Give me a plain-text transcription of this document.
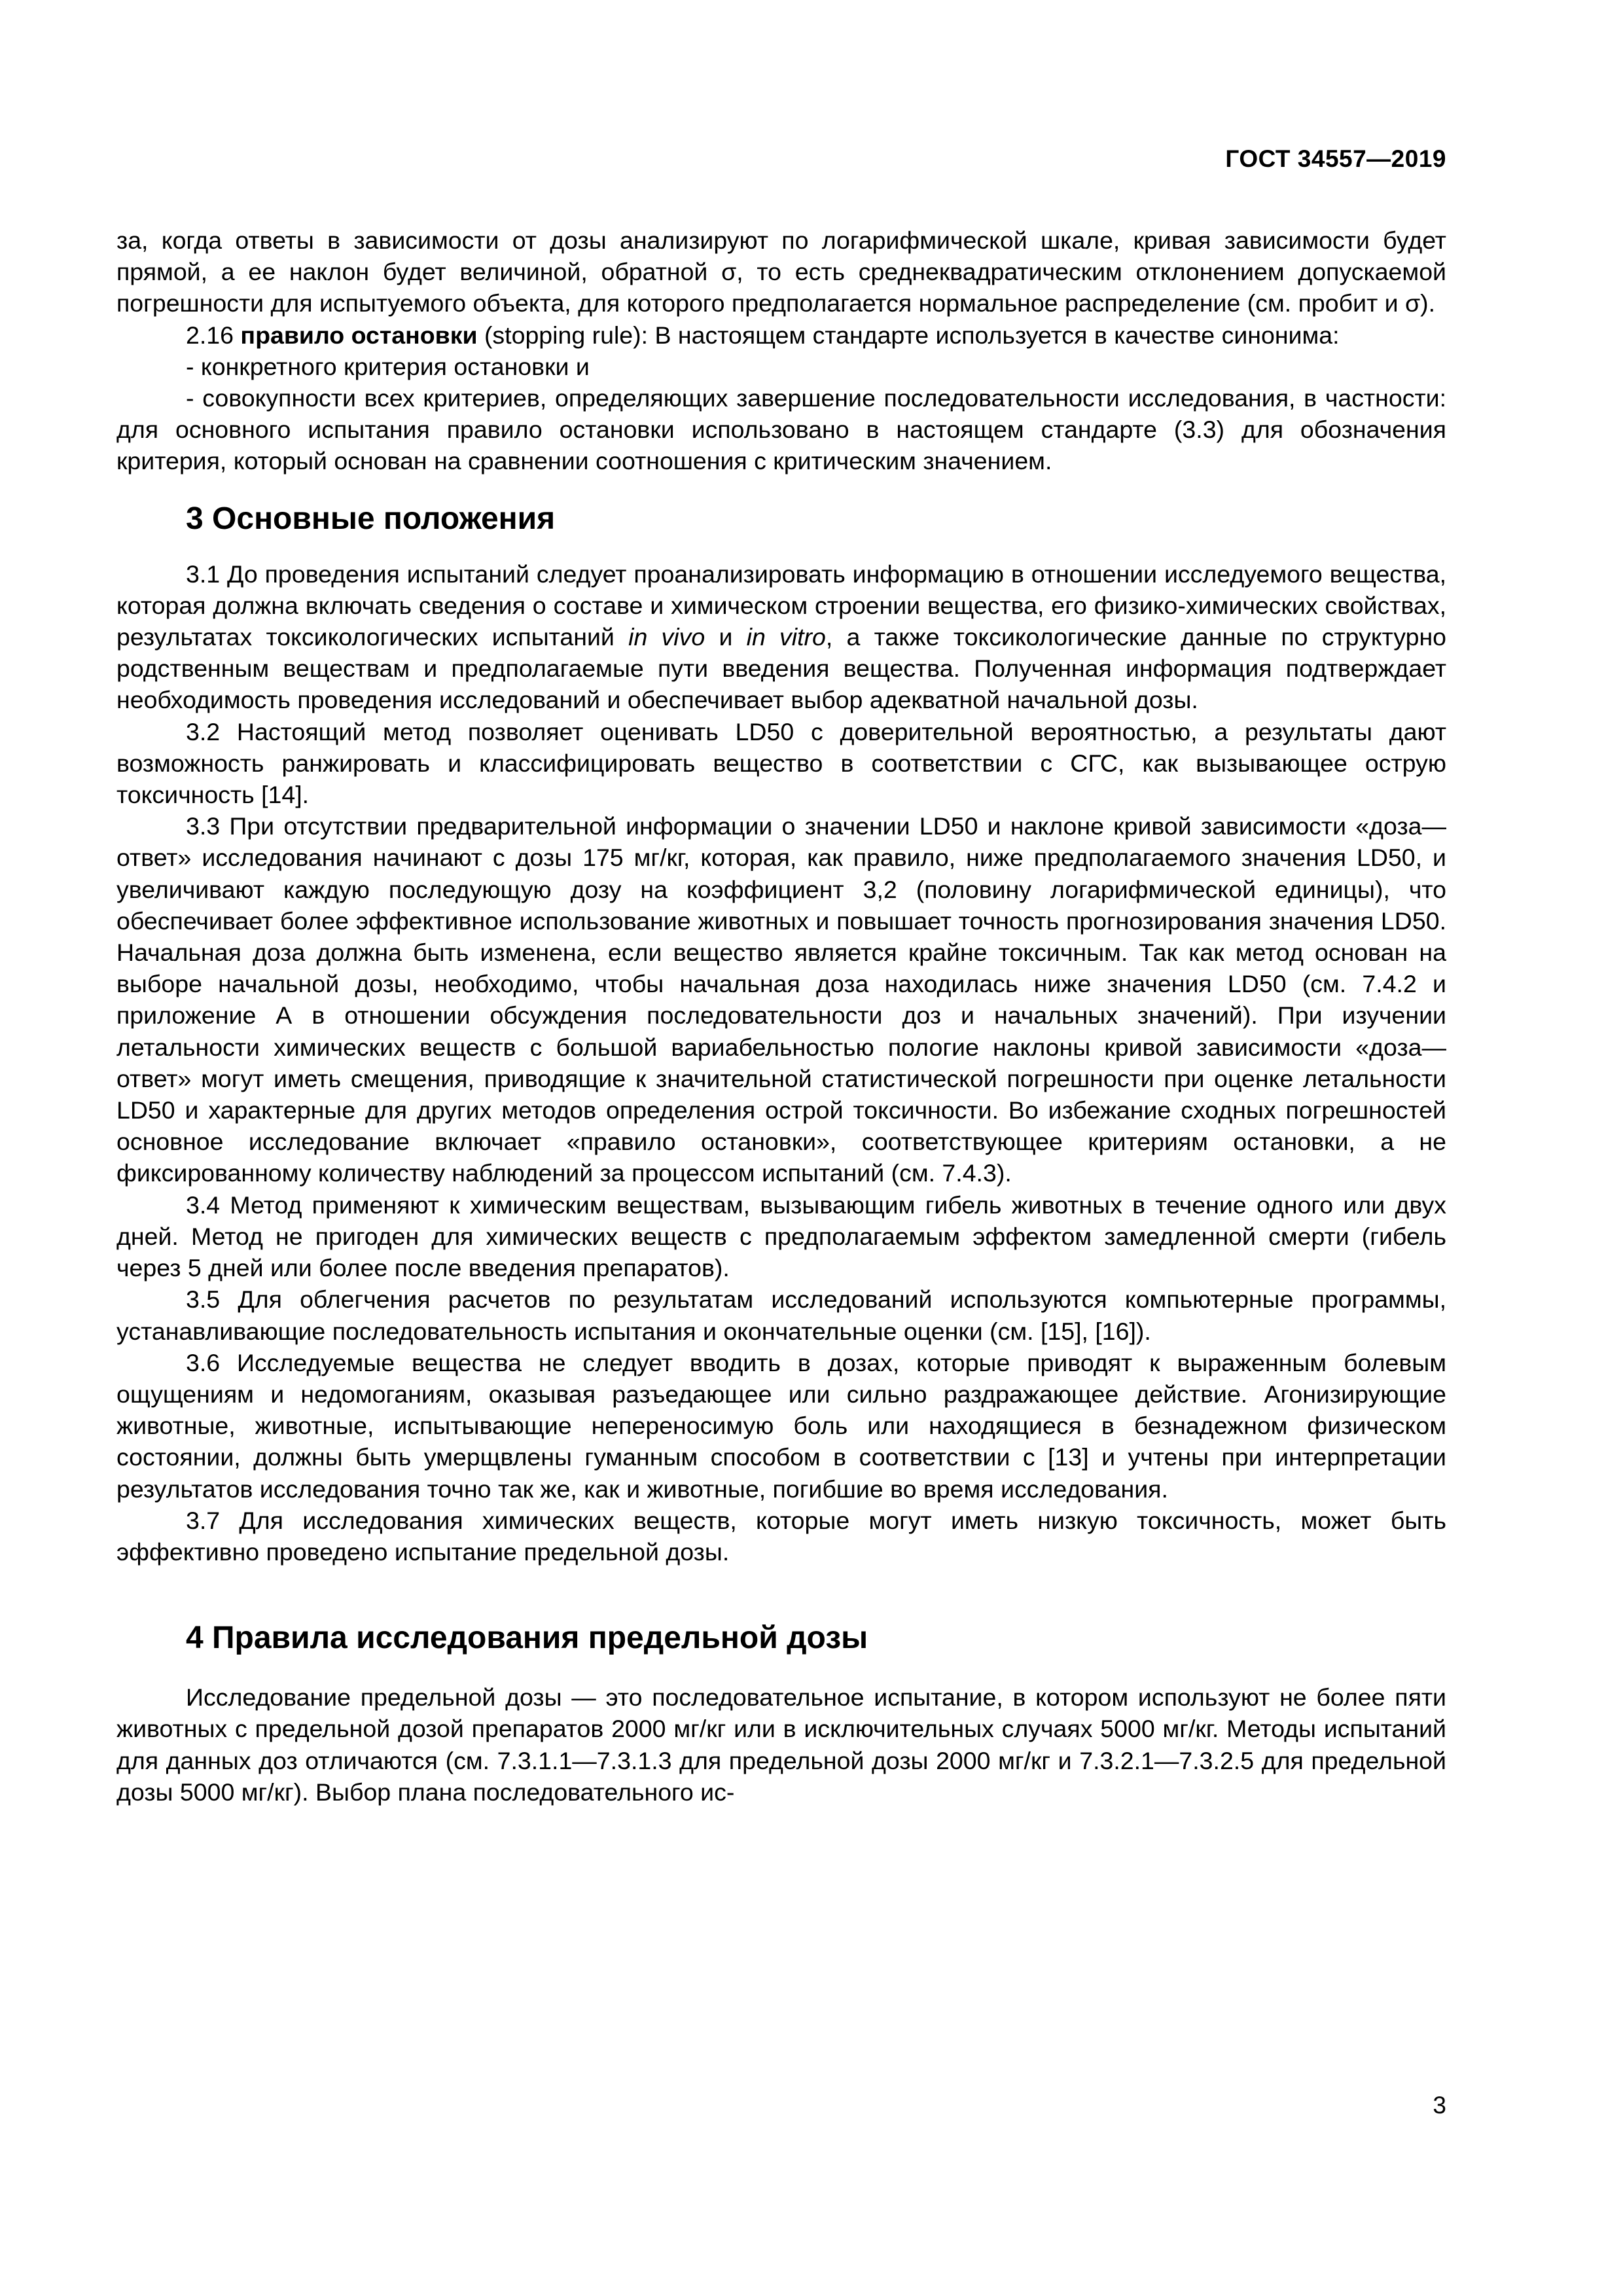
ГОСТ 34557—2019

за, когда ответы в зависимости от дозы анализируют по логарифмической шкале, кривая зависимости будет прямой, а ее наклон будет величиной, обратной σ, то есть среднеквадратическим отклонением допускаемой погрешности для испытуемого объекта, для которого предполагается нормальное распределение (см. пробит и σ).

2.16 правило остановки (stopping rule): В настоящем стандарте используется в качестве синонима:

- конкретного критерия остановки и

- совокупности всех критериев, определяющих завершение последовательности исследования, в частности: для основного испытания правило остановки использовано в настоящем стандарте (3.3) для обозначения критерия, который основан на сравнении соотношения с критическим значением.

3 Основные положения

3.1 До проведения испытаний следует проанализировать информацию в отношении исследуемого вещества, которая должна включать сведения о составе и химическом строении вещества, его физико-химических свойствах, результатах токсикологических испытаний in vivo и in vitro, а также токсикологические данные по структурно родственным веществам и предполагаемые пути введения вещества. Полученная информация подтверждает необходимость проведения исследований и обеспечивает выбор адекватной начальной дозы.

3.2 Настоящий метод позволяет оценивать LD50 с доверительной вероятностью, а результаты дают возможность ранжировать и классифицировать вещество в соответствии с СГС, как вызывающее острую токсичность [14].

3.3 При отсутствии предварительной информации о значении LD50 и наклоне кривой зависимости «доза—ответ» исследования начинают с дозы 175 мг/кг, которая, как правило, ниже предполагаемого значения LD50, и увеличивают каждую последующую дозу на коэффициент 3,2 (половину логарифмической единицы), что обеспечивает более эффективное использование животных и повышает точность прогнозирования значения LD50. Начальная доза должна быть изменена, если вещество является крайне токсичным. Так как метод основан на выборе начальной дозы, необходимо, чтобы начальная доза находилась ниже значения LD50 (см. 7.4.2 и приложение А в отношении обсуждения последовательности доз и начальных значений). При изучении летальности химических веществ с большой вариабельностью пологие наклоны кривой зависимости «доза—ответ» могут иметь смещения, приводящие к значительной статистической погрешности при оценке летальности LD50 и характерные для других методов определения острой токсичности. Во избежание сходных погрешностей основное исследование включает «правило остановки», соответствующее критериям остановки, а не фиксированному количеству наблюдений за процессом испытаний (см. 7.4.3).

3.4 Метод применяют к химическим веществам, вызывающим гибель животных в течение одного или двух дней. Метод не пригоден для химических веществ с предполагаемым эффектом замедленной смерти (гибель через 5 дней или более после введения препаратов).

3.5 Для облегчения расчетов по результатам исследований используются компьютерные программы, устанавливающие последовательность испытания и окончательные оценки (см. [15], [16]).

3.6 Исследуемые вещества не следует вводить в дозах, которые приводят к выраженным болевым ощущениям и недомоганиям, оказывая разъедающее или сильно раздражающее действие. Агонизирующие животные, животные, испытывающие непереносимую боль или находящиеся в безнадежном физическом состоянии, должны быть умерщвлены гуманным способом в соответствии с [13] и учтены при интерпретации результатов исследования точно так же, как и животные, погибшие во время исследования.

3.7 Для исследования химических веществ, которые могут иметь низкую токсичность, может быть эффективно проведено испытание предельной дозы.

4 Правила исследования предельной дозы

Исследование предельной дозы — это последовательное испытание, в котором используют не более пяти животных с предельной дозой препаратов 2000 мг/кг или в исключительных случаях 5000 мг/кг. Методы испытаний для данных доз отличаются (см. 7.3.1.1—7.3.1.3 для предельной дозы 2000 мг/кг и 7.3.2.1—7.3.2.5 для предельной дозы 5000 мг/кг). Выбор плана последовательного ис-

3
